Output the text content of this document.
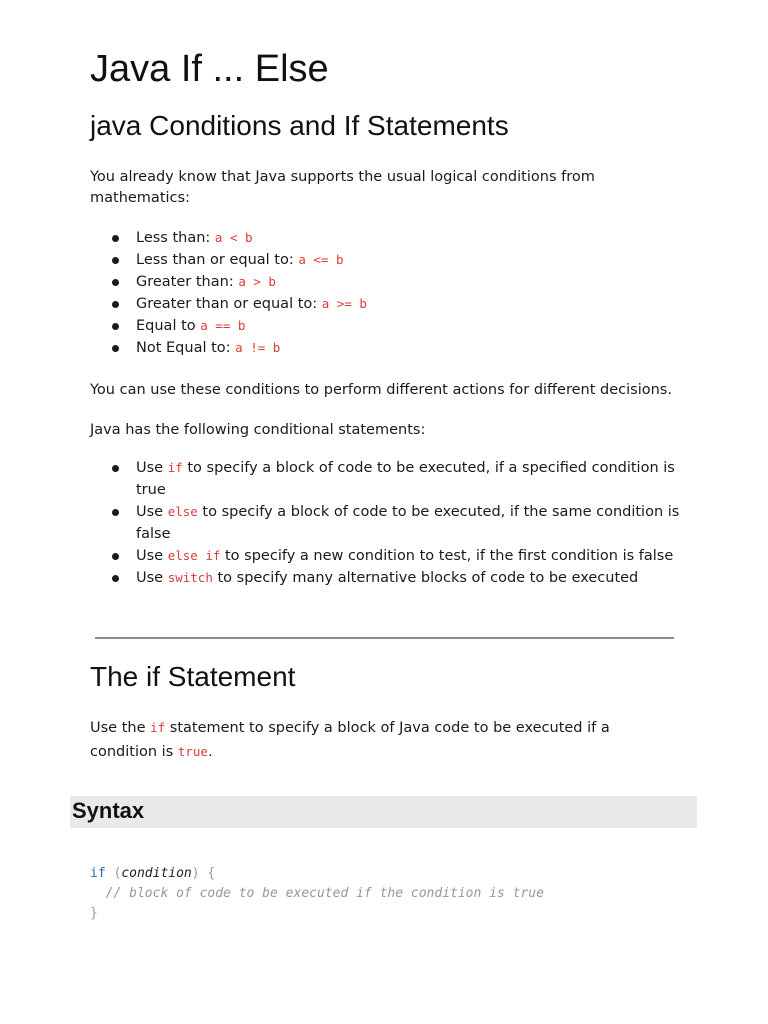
Java If ... Else
java Conditions and If Statements

You already know that Java supports the usual logical conditions from mathematics:

Less than: a < b
Less than or equal to: a <= b
Greater than: a > b
Greater than or equal to: a >= b
Equal to a == b
Not Equal to: a != b

You can use these conditions to perform different actions for different decisions.

Java has the following conditional statements:

Use if to specify a block of code to be executed, if a specified condition is true
Use else to specify a block of code to be executed, if the same condition is false
Use else if to specify a new condition to test, if the first condition is false
Use switch to specify many alternative blocks of code to be executed
The if Statement

Use the if statement to specify a block of Java code to be executed if a condition is true.

Syntax
if (condition) {
// block of code to be executed if the condition is true
}
